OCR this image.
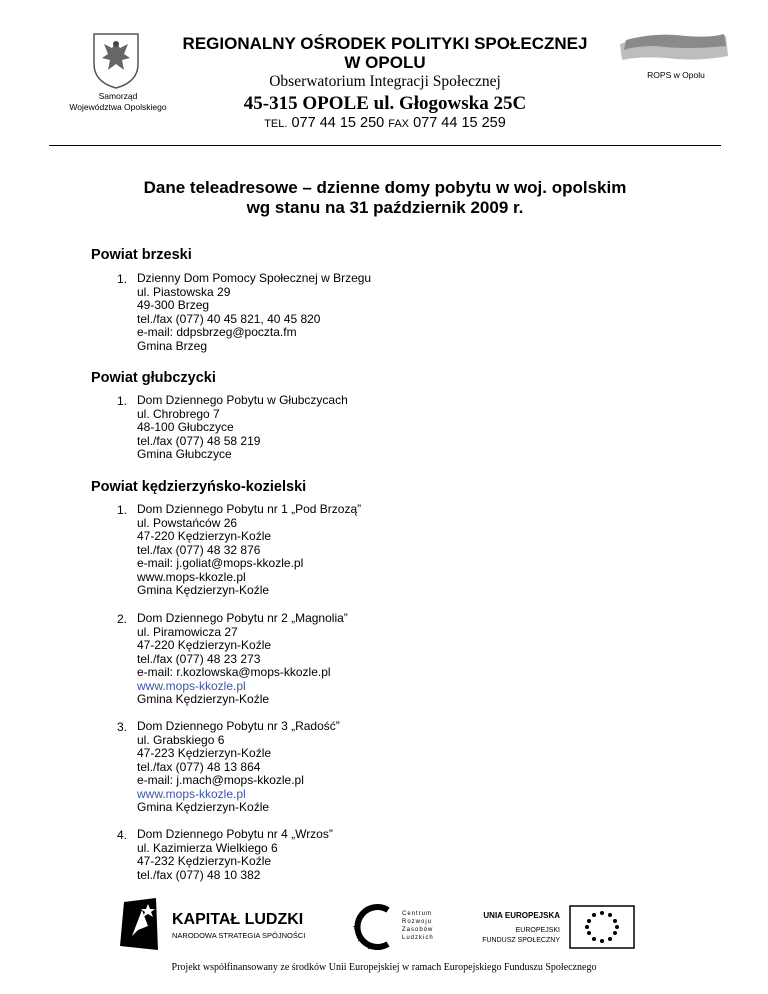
Samorząd
Województwa Opolskiego
REGIONALNY OŚRODEK POLITYKI SPOŁECZNEJ
W OPOLU
Obserwatorium Integracji Społecznej
45-315 OPOLE ul. Głogowska 25C
TEL. 077 44 15 250 FAX 077 44 15 259
ROPS w Opolu
Dane teleadresowe – dzienne domy pobytu w woj. opolskim
wg stanu na 31 październik 2009 r.
Powiat brzeski
1. Dzienny Dom Pomocy Społecznej w Brzegu
ul. Piastowska 29
49-300 Brzeg
tel./fax (077) 40 45 821, 40 45 820
e-mail: ddpsbrzeg@poczta.fm
Gmina Brzeg
Powiat głubczycki
1. Dom Dziennego Pobytu w Głubczycach
ul. Chrobrego 7
48-100 Głubczyce
tel./fax (077) 48 58 219
Gmina Głubczyce
Powiat kędzierzyńsko-kozielski
1. Dom Dziennego Pobytu nr 1 „Pod Brzozą”
ul. Powstańców 26
47-220 Kędzierzyn-Koźle
tel./fax (077) 48 32 876
e-mail: j.goliat@mops-kkozle.pl
www.mops-kkozle.pl
Gmina Kędzierzyn-Koźle
2. Dom Dziennego Pobytu nr 2 „Magnolia”
ul. Piramowicza 27
47-220 Kędzierzyn-Koźle
tel./fax (077) 48 23 273
e-mail: r.kozlowska@mops-kkozle.pl
www.mops-kkozle.pl
Gmina Kędzierzyn-Koźle
3. Dom Dziennego Pobytu nr 3 „Radość”
ul. Grabskiego 6
47-223 Kędzierzyn-Koźle
tel./fax (077) 48 13 864
e-mail: j.mach@mops-kkozle.pl
www.mops-kkozle.pl
Gmina Kędzierzyn-Koźle
4. Dom Dziennego Pobytu nr 4 „Wrzos”
ul. Kazimierza Wielkiego 6
47-232 Kędzierzyn-Koźle
tel./fax (077) 48 10 382
KAPITAŁ LUDZKI
NARODOWA STRATEGIA SPÓJNOŚCI
Centrum Rozwoju Zasobów Ludzkich
UNIA EUROPEJSKA
EUROPEJSKI
FUNDUSZ SPOŁECZNY
Projekt współfinansowany ze środków Unii Europejskiej w ramach Europejskiego Funduszu Społecznego
